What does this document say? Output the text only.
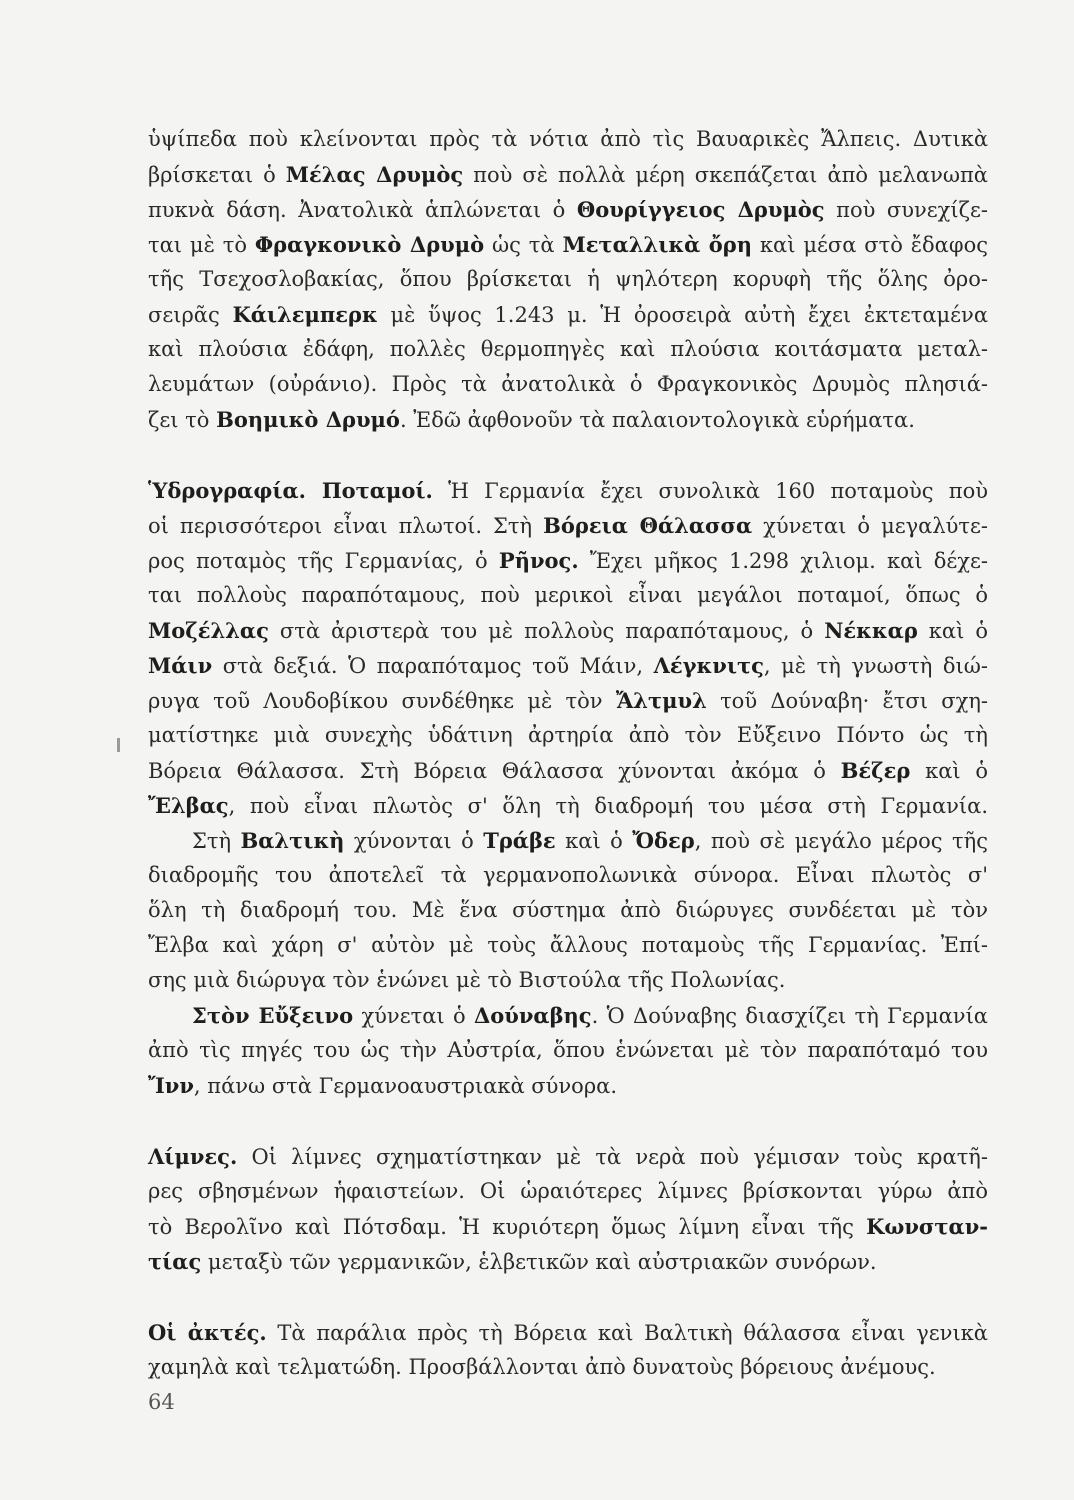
ὑψίπεδα ποὺ κλείνονται πρὸς τὰ νότια ἀπὸ τὶς Βαυαρικὲς Ἄλπεις. Δυτικὰ
βρίσκεται ὁ Μέλας Δρυμὸς ποὺ σὲ πολλὰ μέρη σκεπάζεται ἀπὸ μελανωπὰ
πυκνὰ δάση. Ἀνατολικὰ ἁπλώνεται ὁ Θουρίγγειος Δρυμὸς ποὺ συνεχίζε-
ται μὲ τὸ Φραγκονικὸ Δρυμὸ ὡς τὰ Μεταλλικὰ ὄρη καὶ μέσα στὸ ἔδαφος
τῆς Τσεχοσλοβακίας, ὅπου βρίσκεται ἡ ψηλότερη κορυφὴ τῆς ὅλης ὀρο-
σειρᾶς Κάιλεμπερκ μὲ ὕψος 1.243 μ. Ἡ ὀροσειρὰ αὐτὴ ἔχει ἐκτεταμένα
καὶ πλούσια ἐδάφη, πολλὲς θερμοπηγὲς καὶ πλούσια κοιτάσματα μεταλ-
λευμάτων (οὐράνιο). Πρὸς τὰ ἀνατολικὰ ὁ Φραγκονικὸς Δρυμὸς πλησιά-
ζει τὸ Βοημικὸ Δρυμό. Ἐδῶ ἀφθονοῦν τὰ παλαιοντολογικὰ εὑρήματα.
Ὑδρογραφία. Ποταμοί. Ἡ Γερμανία ἔχει συνολικὰ 160 ποταμοὺς ποὺ
οἱ περισσότεροι εἶναι πλωτοί. Στὴ Βόρεια Θάλασσα χύνεται ὁ μεγαλύτε-
ρος ποταμὸς τῆς Γερμανίας, ὁ Ρῆνος. Ἔχει μῆκος 1.298 χιλιομ. καὶ δέχε-
ται πολλοὺς παραπόταμους, ποὺ μερικοὶ εἶναι μεγάλοι ποταμοί, ὅπως ὁ
Μοζέλλας στὰ ἀριστερὰ του μὲ πολλοὺς παραπόταμους, ὁ Νέκκαρ καὶ ὁ
Μάιν στὰ δεξιά. Ὁ παραπόταμος τοῦ Μάιν, Λέγκνιτς, μὲ τὴ γνωστὴ διώ-
ρυγα τοῦ Λουδοβίκου συνδέθηκε μὲ τὸν Ἄλτμυλ τοῦ Δούναβη· ἔτσι σχη-
ματίστηκε μιὰ συνεχὴς ὑδάτινη ἀρτηρία ἀπὸ τὸν Εὔξεινο Πόντο ὡς τὴ
Βόρεια Θάλασσα. Στὴ Βόρεια Θάλασσα χύνονται ἀκόμα ὁ Βέζερ καὶ ὁ
Ἔλβας, ποὺ εἶναι πλωτὸς σ' ὅλη τὴ διαδρομή του μέσα στὴ Γερμανία.
Στὴ Βαλτικὴ χύνονται ὁ Τράβε καὶ ὁ Ὄδερ, ποὺ σὲ μεγάλο μέρος τῆς
διαδρομῆς του ἀποτελεῖ τὰ γερμανοπολωνικὰ σύνορα. Εἶναι πλωτὸς σ'
ὅλη τὴ διαδρομή του. Μὲ ἕνα σύστημα ἀπὸ διώρυγες συνδέεται μὲ τὸν
Ἔλβα καὶ χάρη σ' αὐτὸν μὲ τοὺς ἄλλους ποταμοὺς τῆς Γερμανίας. Ἐπί-
σης μιὰ διώρυγα τὸν ἑνώνει μὲ τὸ Βιστούλα τῆς Πολωνίας.
Στὸν Εὔξεινο χύνεται ὁ Δούναβης. Ὁ Δούναβης διασχίζει τὴ Γερμανία
ἀπὸ τὶς πηγές του ὡς τὴν Αὐστρία, ὅπου ἑνώνεται μὲ τὸν παραπόταμό του
Ἴνν, πάνω στὰ Γερμανοαυστριακὰ σύνορα.
Λίμνες. Οἱ λίμνες σχηματίστηκαν μὲ τὰ νερὰ ποὺ γέμισαν τοὺς κρατῆ-
ρες σβησμένων ἡφαιστείων. Οἱ ὡραιότερες λίμνες βρίσκονται γύρω ἀπὸ
τὸ Βερολῖνο καὶ Πότσδαμ. Ἡ κυριότερη ὅμως λίμνη εἶναι τῆς Κωνσταν-
τίας μεταξὺ τῶν γερμανικῶν, ἑλβετικῶν καὶ αὐστριακῶν συνόρων.
Οἱ ἀκτές. Τὰ παράλια πρὸς τὴ Βόρεια καὶ Βαλτικὴ θάλασσα εἶναι γενικὰ
χαμηλὰ καὶ τελματώδη. Προσβάλλονται ἀπὸ δυνατοὺς βόρειους ἀνέμους.
64
